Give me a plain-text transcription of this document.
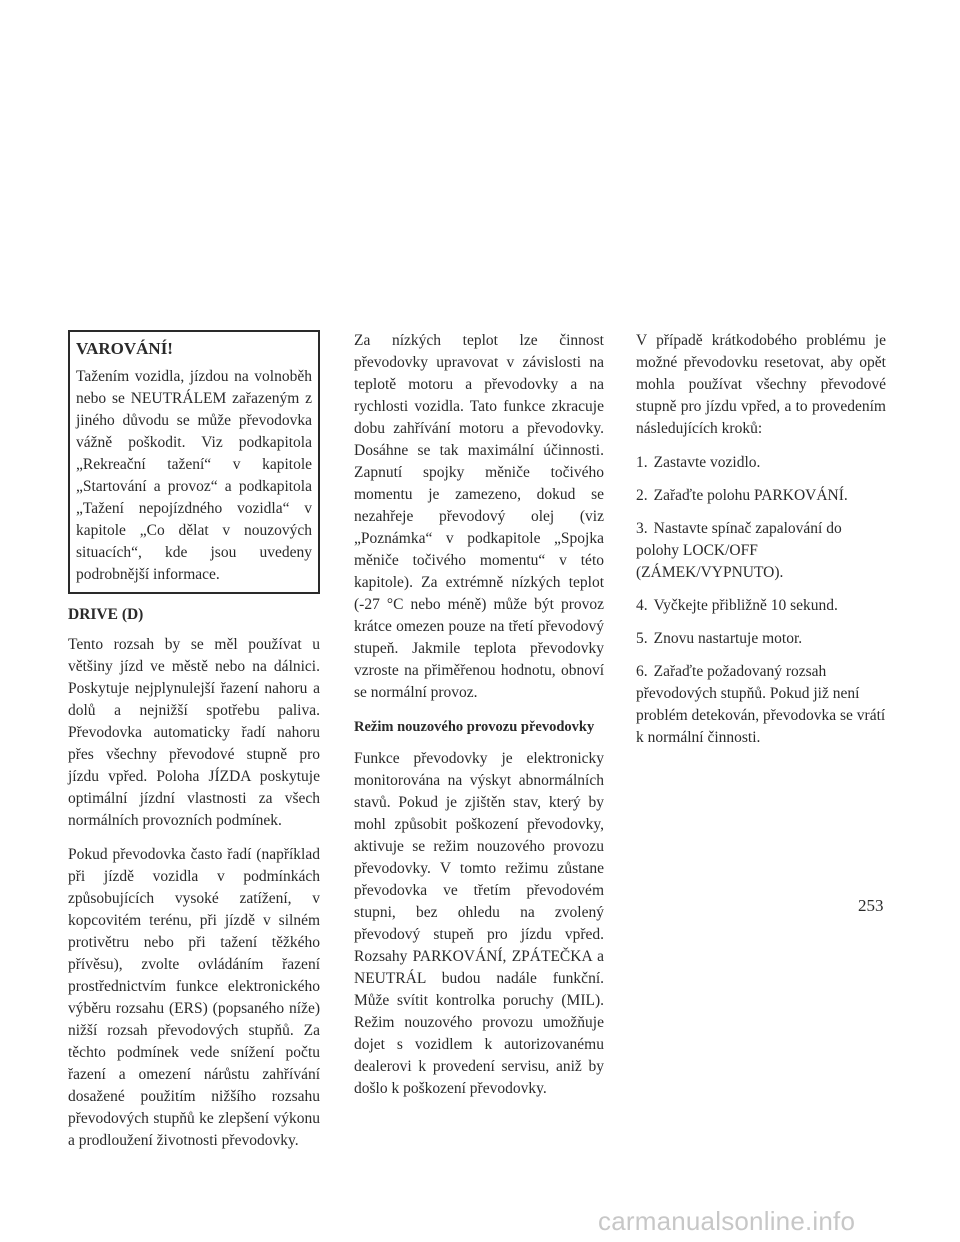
VAROVÁNÍ!

Tažením vozidla, jízdou na volnoběh nebo se NEUTRÁLEM zařazeným z jiného důvodu se může převodovka vážně poškodit. Viz podkapitola „Rekreační tažení“ v kapitole „Startování a provoz“ a podkapitola „Tažení nepojízdného vozidla“ v kapitole „Co dělat v nouzových situacích“, kde jsou uvedeny podrobnější informace.

DRIVE (D)

Tento rozsah by se měl používat u většiny jízd ve městě nebo na dálnici. Poskytuje nejplynulejší řazení nahoru a dolů a nejnižší spotřebu paliva. Převodovka automaticky řadí nahoru přes všechny převodové stupně pro jízdu vpřed. Poloha JÍZDA poskytuje optimální jízdní vlastnosti za všech normálních provozních podmínek.

Pokud převodovka často řadí (například při jízdě vozidla v podmínkách způsobujících vysoké zatížení, v kopcovitém terénu, při jízdě v silném protivětru nebo při tažení těžkého přívěsu), zvolte ovládáním řazení prostřednictvím funkce elektronického výběru rozsahu (ERS) (popsaného níže) nižší rozsah převodových stupňů. Za těchto podmínek vede snížení počtu řazení a omezení nárůstu zahřívání dosažené použitím nižšího rozsahu převodových stupňů ke zlepšení výkonu a prodloužení životnosti převodovky.

Za nízkých teplot lze činnost převodovky upravovat v závislosti na teplotě motoru a převodovky a na rychlosti vozidla. Tato funkce zkracuje dobu zahřívání motoru a převodovky. Dosáhne se tak maximální účinnosti. Zapnutí spojky měniče točivého momentu je zamezeno, dokud se nezahřeje převodový olej (viz „Poznámka“ v podkapitole „Spojka měniče točivého momentu“ v této kapitole). Za extrémně nízkých teplot (-27 °C nebo méně) může být provoz krátce omezen pouze na třetí převodový stupeň. Jakmile teplota převodovky vzroste na přiměřenou hodnotu, obnoví se normální provoz.

Režim nouzového provozu převodovky

Funkce převodovky je elektronicky monitorována na výskyt abnormálních stavů. Pokud je zjištěn stav, který by mohl způsobit poškození převodovky, aktivuje se režim nouzového provozu převodovky. V tomto režimu zůstane převodovka ve třetím převodovém stupni, bez ohledu na zvolený převodový stupeň pro jízdu vpřed. Rozsahy PARKOVÁNÍ, ZPÁTEČKA a NEUTRÁL budou nadále funkční. Může svítit kontrolka poruchy (MIL). Režim nouzového provozu umožňuje dojet s vozidlem k autorizovanému dealerovi k provedení servisu, aniž by došlo k poškození převodovky.

V případě krátkodobého problému je možné převodovku resetovat, aby opět mohla používat všechny převodové stupně pro jízdu vpřed, a to provedením následujících kroků:

1. Zastavte vozidlo.
2. Zařaďte polohu PARKOVÁNÍ.
3. Nastavte spínač zapalování do polohy LOCK/OFF (ZÁMEK/VYPNUTO).
4. Vyčkejte přibližně 10 sekund.
5. Znovu nastartuje motor.
6. Zařaďte požadovaný rozsah převodových stupňů. Pokud již není problém detekován, převodovka se vrátí k normální činnosti.
253
carmanualsonline.info
